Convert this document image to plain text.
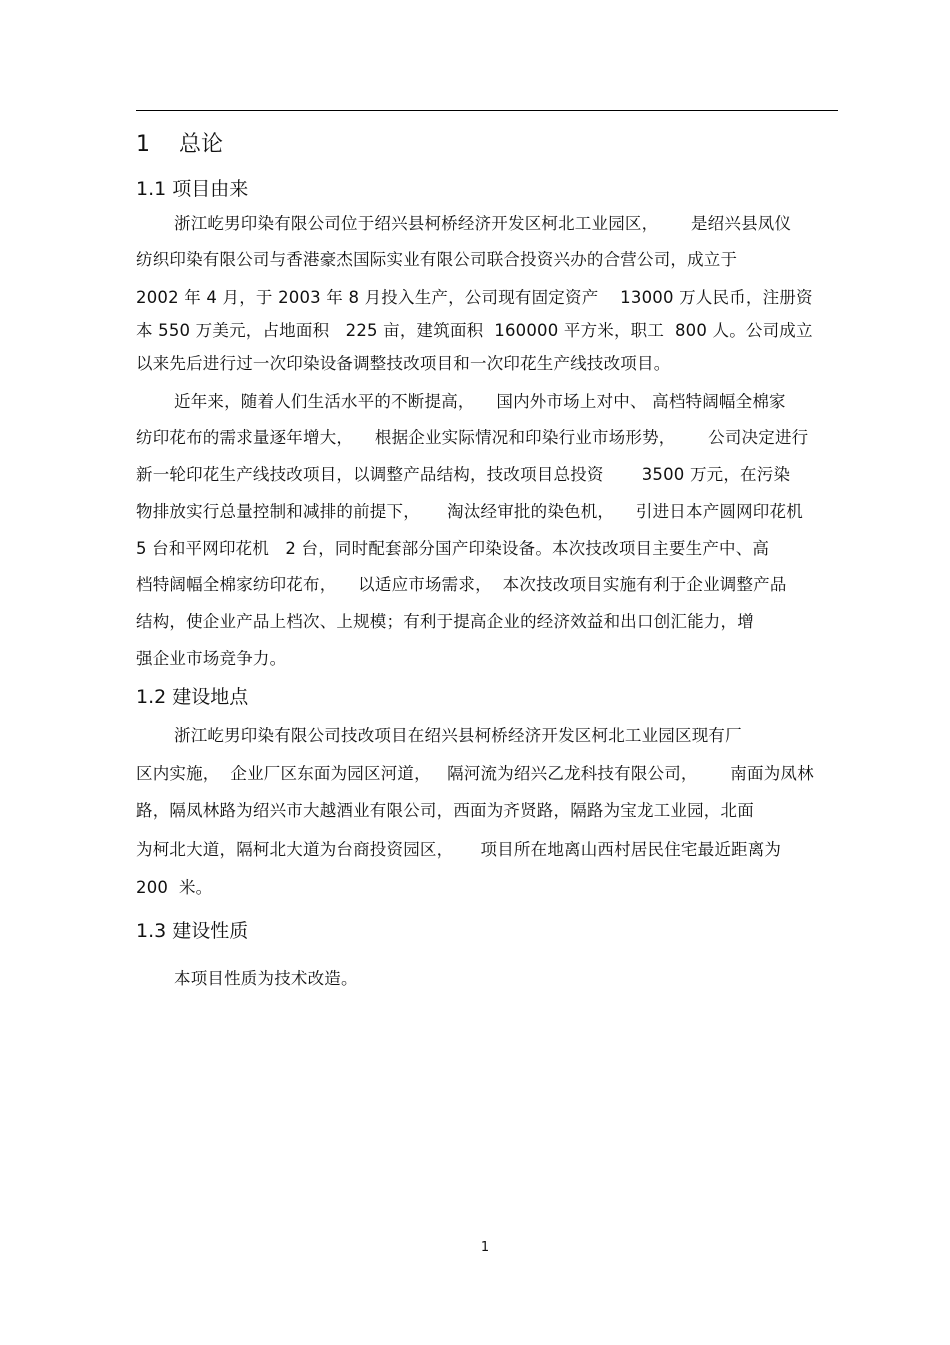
1　 总论
1.1 项目由来
浙江屹男印染有限公司位于绍兴县柯桥经济开发区柯北工业园区，      是绍兴县凤仪
纺织印染有限公司与香港豪杰国际实业有限公司联合投资兴办的合营公司，成立于
2002 年 4 月，于 2003 年 8 月投入生产，公司现有固定资产    13000 万人民币，注册资
本 550 万美元，占地面积   225 亩，建筑面积  160000 平方米，职工  800 人。公司成立
以来先后进行过一次印染设备调整技改项目和一次印花生产线技改项目。
近年来，随着人们生活水平的不断提高，    国内外市场上对中、 高档特阔幅全棉家
纺印花布的需求量逐年增大，    根据企业实际情况和印染行业市场形势，      公司决定进行
新一轮印花生产线技改项目，以调整产品结构，技改项目总投资       3500 万元，在污染
物排放实行总量控制和减排的前提下，     淘汰经审批的染色机，    引进日本产圆网印花机
5 台和平网印花机   2 台，同时配套部分国产印染设备。本次技改项目主要生产中、高
档特阔幅全棉家纺印花布，    以适应市场需求，  本次技改项目实施有利于企业调整产品
结构，使企业产品上档次、上规模；有利于提高企业的经济效益和出口创汇能力，增
强企业市场竞争力。
1.2 建设地点
浙江屹男印染有限公司技改项目在绍兴县柯桥经济开发区柯北工业园区现有厂
区内实施，  企业厂区东面为园区河道，   隔河流为绍兴乙龙科技有限公司，      南面为凤林
路，隔凤林路为绍兴市大越酒业有限公司，西面为齐贤路，隔路为宝龙工业园，北面
为柯北大道，隔柯北大道为台商投资园区，     项目所在地离山西村居民住宅最近距离为
200  米。
1.3 建设性质
本项目性质为技术改造。
1
